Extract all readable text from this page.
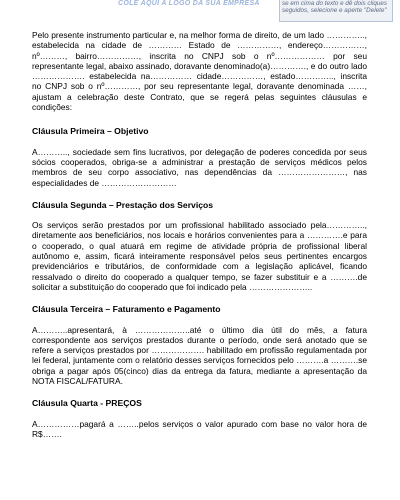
COLE AQUI A LOGO DA SUA EMPRESA	se em cima do texto e dê dois cliques seguidos, selecione e aperte "Delete"

Pelo presente instrumento particular e, na melhor forma de direito, de um lado ………….., estabelecida na cidade de ………… Estado de ……………, endereço……………, nº………, bairro……………, inscrita no CNPJ sob o nº……………… por seu representante legal, abaixo assinado, doravante denominado(a)…………., e do outro lado ………………. estabelecida na…………… cidade……………, estado………….., inscrita no CNPJ sob o nº…………, por seu representante legal, doravante denominada ……, ajustam a celebração deste Contrato, que se regerá pelas seguintes cláusulas e condições:

Cláusula Primeira – Objetivo

A……….., sociedade sem fins lucrativos, por delegação de poderes concedida por seus sócios cooperados, obriga-se a administrar a prestação de serviços médicos pelos membros de seu corpo associativo, nas dependências da ……………………, nas especialidades de ………………………

Cláusula Segunda – Prestação dos Serviços

Os serviços serão prestados por um profissional habilitado associado pela………….., diretamente aos beneficiários, nos locais e horários convenientes para a ………….e para o cooperado, o qual atuará em regime de atividade própria de profissional liberal autônomo e, assim, ficará inteiramente responsável pelos seus pertinentes encargos previdenciários e tributários, de conformidade com a legislação aplicável, ficando ressalvado o direito do cooperado a qualquer tempo, se fazer substituir e a ……….de solicitar a substituição do cooperado que foi indicado pela …………………..

Cláusula Terceira – Faturamento e Pagamento

A………..apresentará, à ………………..até o último dia útil do mês, a fatura correspondente aos serviços prestados durante o período, onde será anotado que se refere a serviços prestados por ………………. habilitado em profissão regulamentada por lei federal, juntamente com o relatório desses serviços fornecidos pelo ……….a ……….se obriga a pagar após 05(cinco) dias da entrega da fatura, mediante a apresentação da NOTA FISCAL/FATURA.

Cláusula Quarta - PREÇOS

A……………pagará a ……..pelos serviços o valor apurado com base no valor hora de R$…….
